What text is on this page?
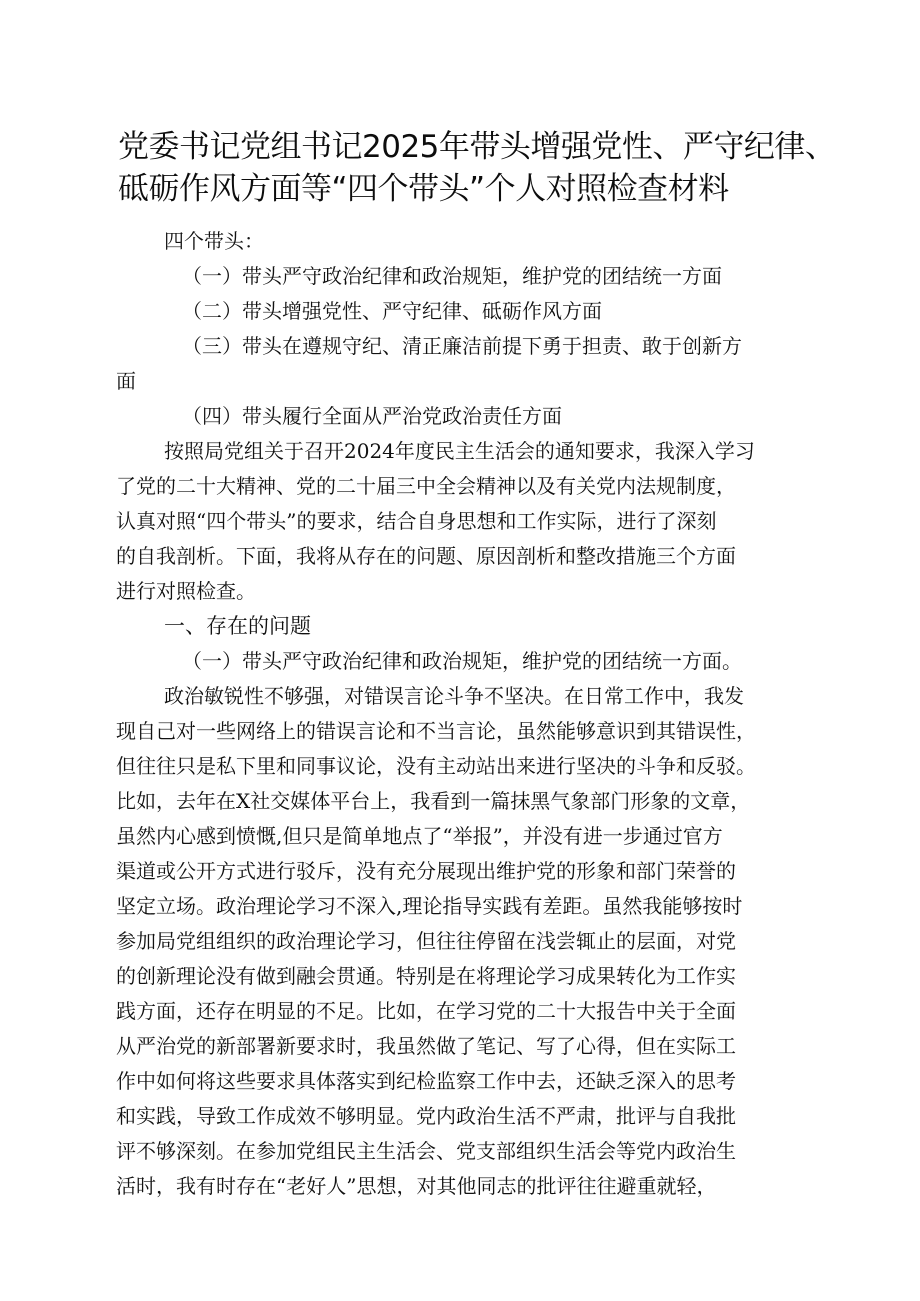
党委书记党组书记2025年带头增强党性、严守纪律、
砥砺作风方面等“四个带头”个人对照检查材料
四个带头：
（一）带头严守政治纪律和政治规矩，维护党的团结统一方面
（二）带头增强党性、严守纪律、砥砺作风方面
（三）带头在遵规守纪、清正廉洁前提下勇于担责、敢于创新方
面
（四）带头履行全面从严治党政治责任方面
按照局党组关于召开2024年度民主生活会的通知要求，我深入学习
了党的二十大精神、党的二十届三中全会精神以及有关党内法规制度，
认真对照“四个带头”的要求，结合自身思想和工作实际，进行了深刻
的自我剖析。下面，我将从存在的问题、原因剖析和整改措施三个方面
进行对照检查。
一、存在的问题
（一）带头严守政治纪律和政治规矩，维护党的团结统一方面。
政治敏锐性不够强，对错误言论斗争不坚决。在日常工作中，我发
现自己对一些网络上的错误言论和不当言论，虽然能够意识到其错误性，
但往往只是私下里和同事议论，没有主动站出来进行坚决的斗争和反驳。
比如，去年在X社交媒体平台上，我看到一篇抹黑气象部门形象的文章，
虽然内心感到愤慨,但只是简单地点了“举报”，并没有进一步通过官方
渠道或公开方式进行驳斥，没有充分展现出维护党的形象和部门荣誉的
坚定立场。政治理论学习不深入,理论指导实践有差距。虽然我能够按时
参加局党组组织的政治理论学习，但往往停留在浅尝辄止的层面，对党
的创新理论没有做到融会贯通。特别是在将理论学习成果转化为工作实
践方面，还存在明显的不足。比如，在学习党的二十大报告中关于全面
从严治党的新部署新要求时，我虽然做了笔记、写了心得，但在实际工
作中如何将这些要求具体落实到纪检监察工作中去，还缺乏深入的思考
和实践，导致工作成效不够明显。党内政治生活不严肃，批评与自我批
评不够深刻。在参加党组民主生活会、党支部组织生活会等党内政治生
活时，我有时存在“老好人”思想，对其他同志的批评往往避重就轻，
